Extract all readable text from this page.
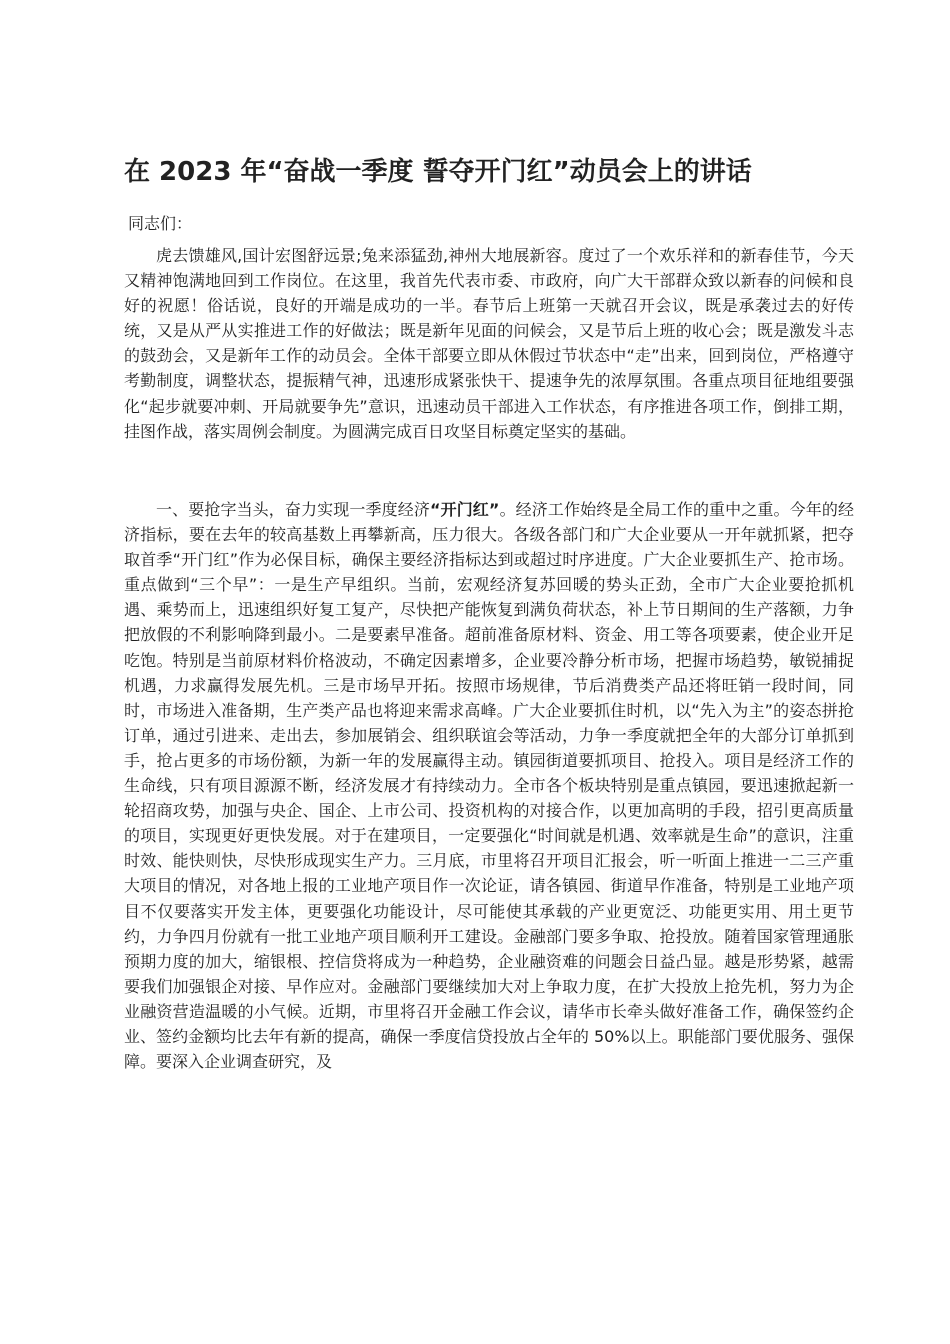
在 2023 年“奋战一季度 誓夺开门红”动员会上的讲话
同志们：
虎去馈雄风,国计宏图舒远景;兔来添猛劲,神州大地展新容。度过了一个欢乐祥和的新春佳节，今天又精神饱满地回到工作岗位。在这里，我首先代表市委、市政府，向广大干部群众致以新春的问候和良好的祝愿！俗话说，良好的开端是成功的一半。春节后上班第一天就召开会议，既是承袭过去的好传统，又是从严从实推进工作的好做法；既是新年见面的问候会，又是节后上班的收心会；既是激发斗志的鼓劲会，又是新年工作的动员会。全体干部要立即从休假过节状态中“走”出来，回到岗位，严格遵守考勤制度，调整状态，提振精气神，迅速形成紧张快干、提速争先的浓厚氛围。各重点项目征地组要强化“起步就要冲刺、开局就要争先”意识，迅速动员干部进入工作状态，有序推进各项工作，倒排工期，挂图作战，落实周例会制度。为圆满完成百日攻坚目标奠定坚实的基础。
一、要抢字当头，奋力实现一季度经济“开门红”。经济工作始终是全局工作的重中之重。今年的经济指标，要在去年的较高基数上再攀新高，压力很大。各级各部门和广大企业要从一开年就抓紧，把夺取首季“开门红”作为必保目标，确保主要经济指标达到或超过时序进度。广大企业要抓生产、抢市场。重点做到“三个早”：一是生产早组织。当前，宏观经济复苏回暖的势头正劲，全市广大企业要抢抓机遇、乘势而上，迅速组织好复工复产，尽快把产能恢复到满负荷状态，补上节日期间的生产落额，力争把放假的不利影响降到最小。二是要素早准备。超前准备原材料、资金、用工等各项要素，使企业开足吃饱。特别是当前原材料价格波动，不确定因素增多，企业要冷静分析市场，把握市场趋势，敏锐捕捉机遇，力求赢得发展先机。三是市场早开拓。按照市场规律，节后消费类产品还将旺销一段时间，同时，市场进入准备期，生产类产品也将迎来需求高峰。广大企业要抓住时机，以“先入为主”的姿态拼抢订单，通过引进来、走出去，参加展销会、组织联谊会等活动，力争一季度就把全年的大部分订单抓到手，抢占更多的市场份额，为新一年的发展赢得主动。镇园街道要抓项目、抢投入。项目是经济工作的生命线，只有项目源源不断，经济发展才有持续动力。全市各个板块特别是重点镇园，要迅速掀起新一轮招商攻势，加强与央企、国企、上市公司、投资机构的对接合作，以更加高明的手段，招引更高质量的项目，实现更好更快发展。对于在建项目，一定要强化“时间就是机遇、效率就是生命”的意识，注重时效、能快则快，尽快形成现实生产力。三月底，市里将召开项目汇报会，听一听面上推进一二三产重大项目的情况，对各地上报的工业地产项目作一次论证，请各镇园、街道早作准备，特别是工业地产项目不仅要落实开发主体，更要强化功能设计，尽可能使其承载的产业更宽泛、功能更实用、用土更节约，力争四月份就有一批工业地产项目顺利开工建设。金融部门要多争取、抢投放。随着国家管理通胀预期力度的加大，缩银根、控信贷将成为一种趋势，企业融资难的问题会日益凸显。越是形势紧，越需要我们加强银企对接、早作应对。金融部门要继续加大对上争取力度，在扩大投放上抢先机，努力为企业融资营造温暖的小气候。近期，市里将召开金融工作会议，请华市长牵头做好准备工作，确保签约企业、签约金额均比去年有新的提高，确保一季度信贷投放占全年的 50%以上。职能部门要优服务、强保障。要深入企业调查研究，及
